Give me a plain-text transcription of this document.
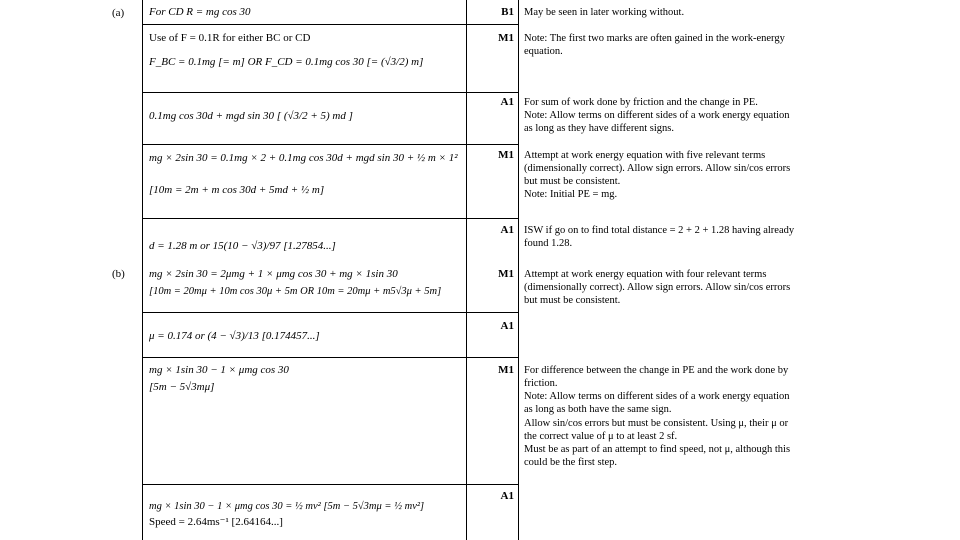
(a)
(b)
For CD R = mg cos 30	B1 May be seen in later working without.
Use of F = 0.1R for either BC or CD
F_BC = 0.1mg [= m] OR F_CD = 0.1mg cos 30 [= (√3/2) m]
M1 Note: The first two marks are often gained in the work-energy
equation.
0.1mg cos 30d + mgd sin 30 [ (√3/2 + 5) md ]
A1 For sum of work done by friction and the change in PE.
Note: Allow terms on different sides of a work energy equation
as long as they have different signs.
mg × 2sin 30 = 0.1mg × 2 + 0.1mg cos 30d + mgd sin 30 + ½ m × 1²
[10m = 2m + m cos 30d + 5md + ½ m]
M1 Attempt at work energy equation with five relevant terms
(dimensionally correct). Allow sign errors. Allow sin/cos errors
but must be consistent.
Note: Initial PE = mg.
d = 1.28 m or 15(10 − √3)/97 [1.27854...]
A1 ISW if go on to find total distance = 2 + 2 + 1.28 having already
found 1.28.
mg × 2sin 30 = 2μmg + 1 × μmg cos 30 + mg × 1sin 30
[10m = 20mμ + 10m cos 30μ + 5m OR 10m = 20mμ + m5√3μ + 5m]
M1 Attempt at work energy equation with four relevant terms
(dimensionally correct). Allow sign errors. Allow sin/cos errors
but must be consistent.
μ = 0.174 or (4 − √3)/13 [0.174457...]
A1
mg × 1sin 30 − 1 × μmg cos 30
[5m − 5√3mμ]
M1 For difference between the change in PE and the work done by
friction.
Note: Allow terms on different sides of a work energy equation
as long as both have the same sign.
Allow sin/cos errors but must be consistent. Using μ, their μ or
the correct value of μ to at least 2 sf.
Must be as part of an attempt to find speed, not μ, although this
could be the first step.
mg × 1sin 30 − 1 × μmg cos 30 = ½ mv² [5m − 5√3mμ = ½ mv²]
Speed = 2.64ms⁻¹ [2.64164...]
A1
